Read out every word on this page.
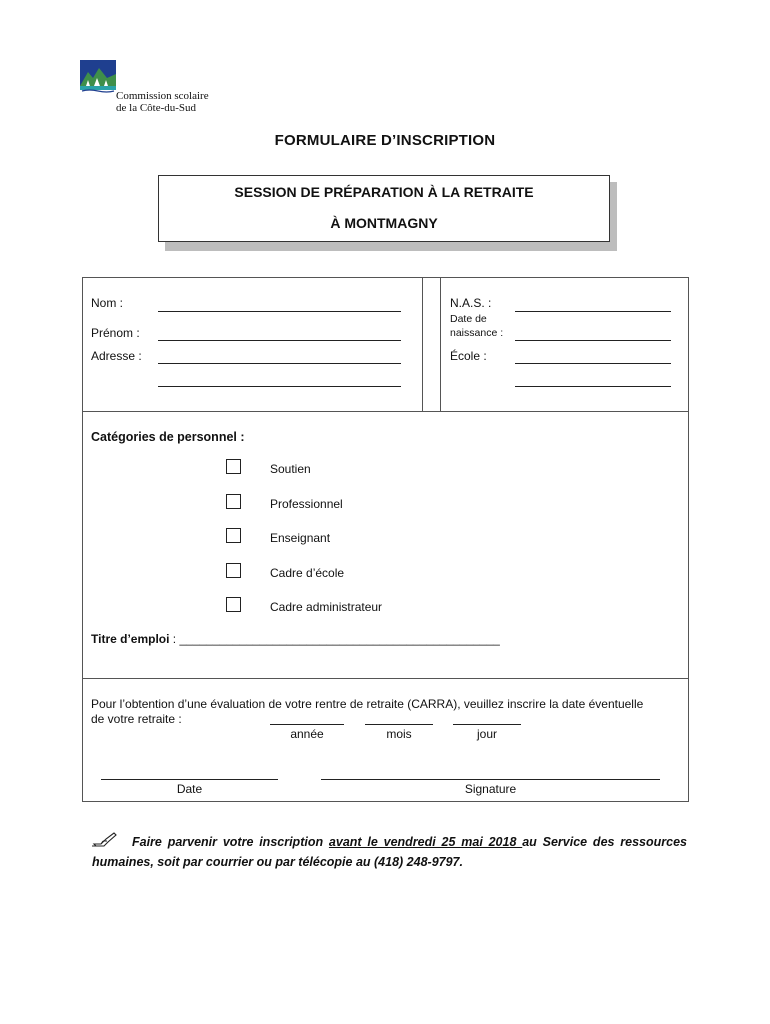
Commission scolaire
de la Côte-du-Sud
FORMULAIRE D’INSCRIPTION
SESSION DE PRÉPARATION À LA RETRAITE
À MONTMAGNY
Nom :
Prénom :
Adresse :
N.A.S. :
Date de
naissance :
École :
Catégories de personnel :
Soutien
Professionnel
Enseignant
Cadre d’école
Cadre administrateur
Titre d’emploi : ________________________________________________
Pour l’obtention d’une évaluation de votre rentre de retraite (CARRA), veuillez inscrire la date éventuelle
de votre retraite :
année	mois	jour
Date	Signature
Faire parvenir votre inscription avant le vendredi 25 mai 2018 au Service des ressources humaines, soit par courrier ou par télécopie au (418) 248-9797.
